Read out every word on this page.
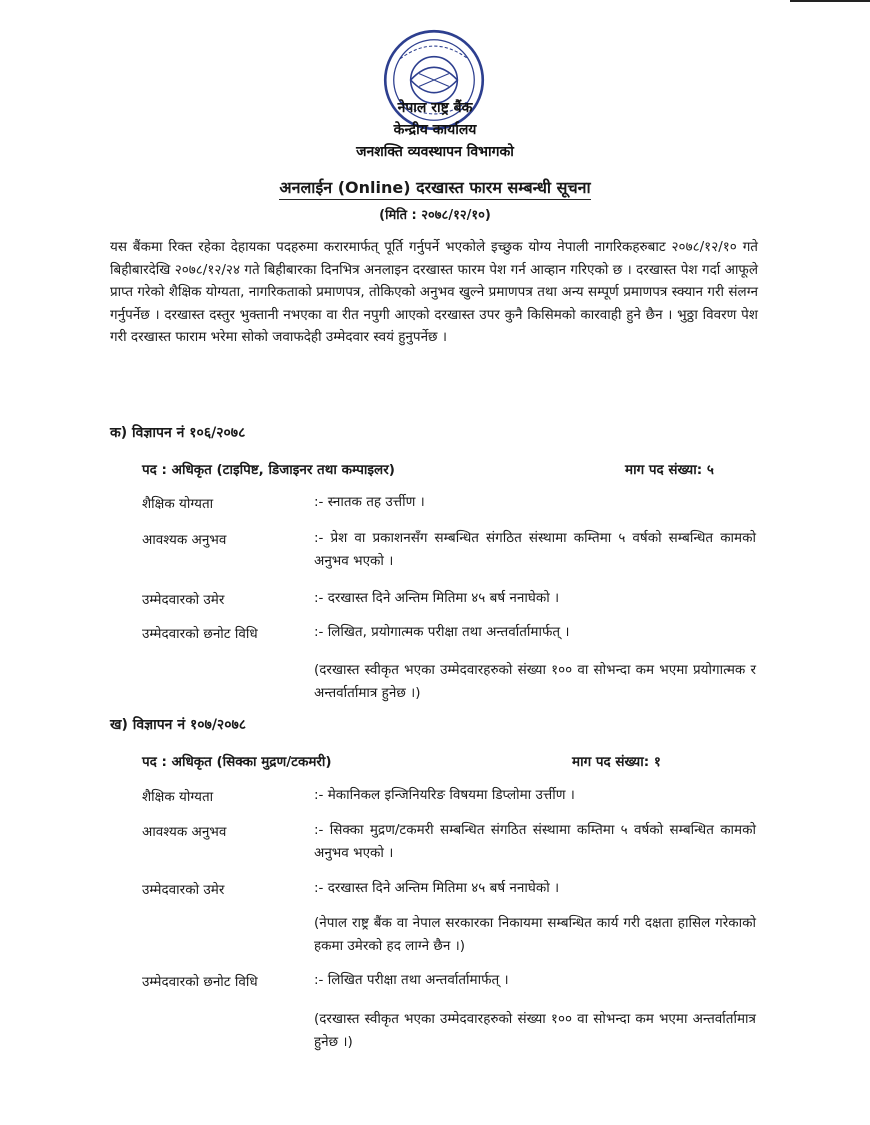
नेपाल राष्ट्र बैंक
केन्द्रीय कार्यालय
जनशक्ति व्यवस्थापन विभागको
अनलाईन (Online) दरखास्त फारम सम्बन्धी सूचना
(मिति : २०७८/१२/१०)
यस बैंकमा रिक्त रहेका देहायका पदहरुमा करारमार्फत् पूर्ति गर्नुपर्ने भएकोले इच्छुक योग्य नेपाली नागरिकहरुबाट २०७८/१२/१० गते बिहीबारदेखि २०७८/१२/२४ गते बिहीबारका दिनभित्र अनलाइन दरखास्त फारम पेश गर्न आव्हान गरिएको छ । दरखास्त पेश गर्दा आफूले प्राप्त गरेको शैक्षिक योग्यता, नागरिकताको प्रमाणपत्र, तोकिएको अनुभव खुल्ने प्रमाणपत्र तथा अन्य सम्पूर्ण प्रमाणपत्र स्क्यान गरी संलग्न गर्नुपर्नेछ । दरखास्त दस्तुर भुक्तानी नभएका वा रीत नपुगी आएको दरखास्त उपर कुनै किसिमको कारवाही हुने छैन । भुठ्ठा विवरण पेश गरी दरखास्त फाराम भरेमा सोको जवाफदेही उम्मेदवार स्वयं हुनुपर्नेछ ।
क) विज्ञापन नं १०६/२०७८
पद : अधिकृत (टाइपिष्ट, डिजाइनर तथा कम्पाइलर)	माग पद संख्या: ५
शैक्षिक योग्यता	:- स्नातक तह उर्त्तीण ।
आवश्यक अनुभव	:- प्रेश वा प्रकाशनसँग सम्बन्धित संगठित संस्थामा कम्तिमा ५ वर्षको सम्बन्धित कामको अनुभव भएको ।
उम्मेदवारको उमेर	:- दरखास्त दिने अन्तिम मितिमा ४५ बर्ष ननाघेको ।
उम्मेदवारको छनोट विधि	:- लिखित, प्रयोगात्मक परीक्षा तथा अन्तर्वार्तामार्फत् ।
(दरखास्त स्वीकृत भएका उम्मेदवारहरुको संख्या १०० वा सोभन्दा कम भएमा प्रयोगात्मक र अन्तर्वार्तामात्र हुनेछ ।)
ख) विज्ञापन नं १०७/२०७८
पद : अधिकृत (सिक्का मुद्रण/टकमरी)	माग पद संख्या: १
शैक्षिक योग्यता	:- मेकानिकल इन्जिनियरिङ विषयमा डिप्लोमा उर्त्तीण ।
आवश्यक अनुभव	:- सिक्का मुद्रण/टकमरी सम्बन्धित संगठित संस्थामा कम्तिमा ५ वर्षको सम्बन्धित कामको अनुभव भएको ।
उम्मेदवारको उमेर	:- दरखास्त दिने अन्तिम मितिमा ४५ बर्ष ननाघेको ।
(नेपाल राष्ट्र बैंक वा नेपाल सरकारका निकायमा सम्बन्धित कार्य गरी दक्षता हासिल गरेकाको हकमा उमेरको हद लाग्ने छैन ।)
उम्मेदवारको छनोट विधि	:- लिखित परीक्षा तथा अन्तर्वार्तामार्फत् ।
(दरखास्त स्वीकृत भएका उम्मेदवारहरुको संख्या १०० वा सोभन्दा कम भएमा अन्तर्वार्तामात्र हुनेछ ।)
